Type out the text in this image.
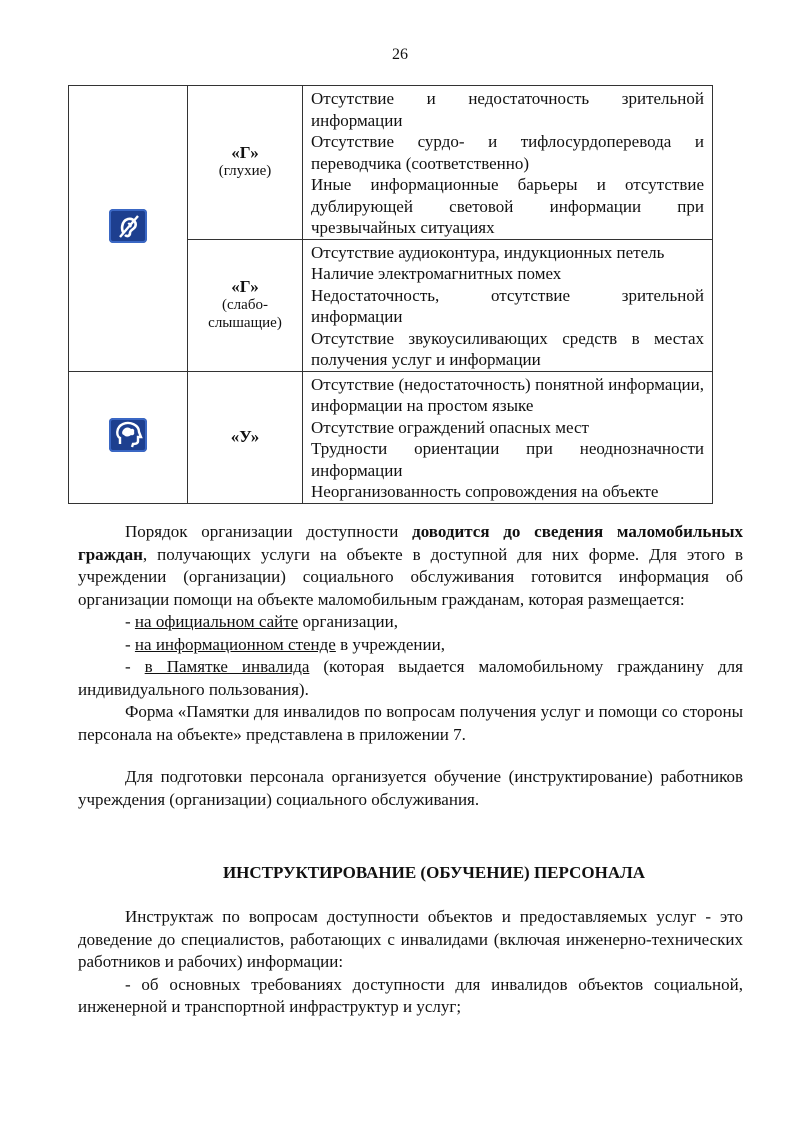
26

«Г»
(глухие)	Отсутствие и недостаточность зрительной информации
Отсутствие сурдо- и тифлосурдоперевода и переводчика (соответственно)
Иные информационные барьеры и отсутствие дублирующей световой информации при чрезвычайных ситуациях

	«Г»
(слабо-
слышащие)	Отсутствие аудиоконтура, индукционных петель
Наличие электромагнитных помех
Недостаточность, отсутствие зрительной информации
Отсутствие звукоусиливающих средств в местах получения услуг и информации

«У»	Отсутствие (недостаточность) понятной информации, информации на простом языке
Отсутствие ограждений опасных мест
Трудности ориентации при неоднозначности информации
Неорганизованность сопровождения на объекте

Порядок организации доступности доводится до сведения маломобильных граждан, получающих услуги на объекте в доступной для них форме. Для этого в учреждении (организации) социального обслуживания готовится информация об организации помощи на объекте маломобильным гражданам, которая размещается:

- на официальном сайте организации,

- на информационном стенде в учреждении,

- в Памятке инвалида (которая выдается маломобильному гражданину для индивидуального пользования).

Форма «Памятки для инвалидов по вопросам получения услуг и помощи со стороны персонала на объекте» представлена в приложении 7.

Для подготовки персонала организуется обучение (инструктирование) работников учреждения (организации) социального обслуживания.

ИНСТРУКТИРОВАНИЕ (ОБУЧЕНИЕ) ПЕРСОНАЛА

Инструктаж по вопросам доступности объектов и предоставляемых услуг - это доведение до специалистов, работающих с инвалидами (включая инженерно-технических работников и рабочих) информации:

- об основных требованиях доступности для инвалидов объектов социальной, инженерной и транспортной инфраструктур и услуг;
